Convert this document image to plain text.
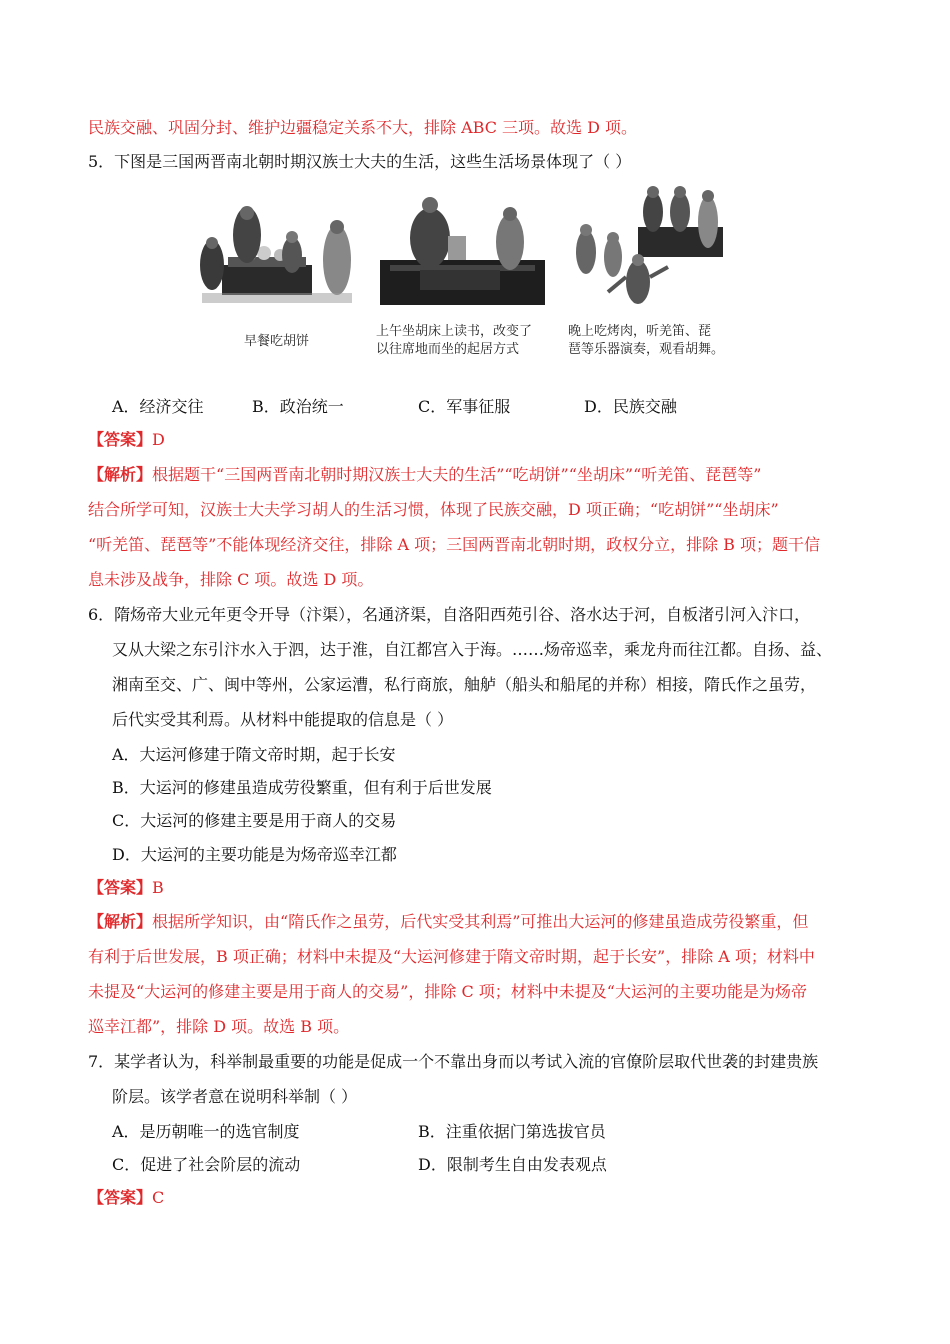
民族交融、巩固分封、维护边疆稳定关系不大，排除 ABC 三项。故选 D 项。
5．下图是三国两晋南北朝时期汉族士大夫的生活，这些生活场景体现了（ ）
早餐吃胡饼
上午坐胡床上读书，改变了
以往席地而坐的起居方式
晚上吃烤肉，听羌笛、琵
琶等乐器演奏，观看胡舞。
A．经济交往	B．政治统一	C．军事征服	D．民族交融
【答案】D
【解析】根据题干“三国两晋南北朝时期汉族士大夫的生活”“吃胡饼”“坐胡床”“听羌笛、琵琶等”
结合所学可知，汉族士大夫学习胡人的生活习惯，体现了民族交融，D 项正确；“吃胡饼”“坐胡床”
“听羌笛、琵琶等”不能体现经济交往，排除 A 项；三国两晋南北朝时期，政权分立，排除 B 项；题干信
息未涉及战争，排除 C 项。故选 D 项。
6．隋炀帝大业元年更令开导（汴渠），名通济渠，自洛阳西苑引谷、洛水达于河，自板渚引河入汴口，
又从大梁之东引汴水入于泗，达于淮，自江都宫入于海。……炀帝巡幸，乘龙舟而往江都。自扬、益、
湘南至交、广、闽中等州，公家运漕，私行商旅，舳舻（船头和船尾的并称）相接，隋氏作之虽劳，
后代实受其利焉。从材料中能提取的信息是（ ）
A．大运河修建于隋文帝时期，起于长安
B．大运河的修建虽造成劳役繁重，但有利于后世发展
C．大运河的修建主要是用于商人的交易
D．大运河的主要功能是为炀帝巡幸江都
【答案】B
【解析】根据所学知识，由“隋氏作之虽劳，后代实受其利焉”可推出大运河的修建虽造成劳役繁重，但
有利于后世发展，B 项正确；材料中未提及“大运河修建于隋文帝时期，起于长安”，排除 A 项；材料中
未提及“大运河的修建主要是用于商人的交易”，排除 C 项；材料中未提及“大运河的主要功能是为炀帝
巡幸江都”，排除 D 项。故选 B 项。
7．某学者认为，科举制最重要的功能是促成一个不靠出身而以考试入流的官僚阶层取代世袭的封建贵族
阶层。该学者意在说明科举制（ ）
A．是历朝唯一的选官制度	B．注重依据门第选拔官员
C．促进了社会阶层的流动	D．限制考生自由发表观点
【答案】C
